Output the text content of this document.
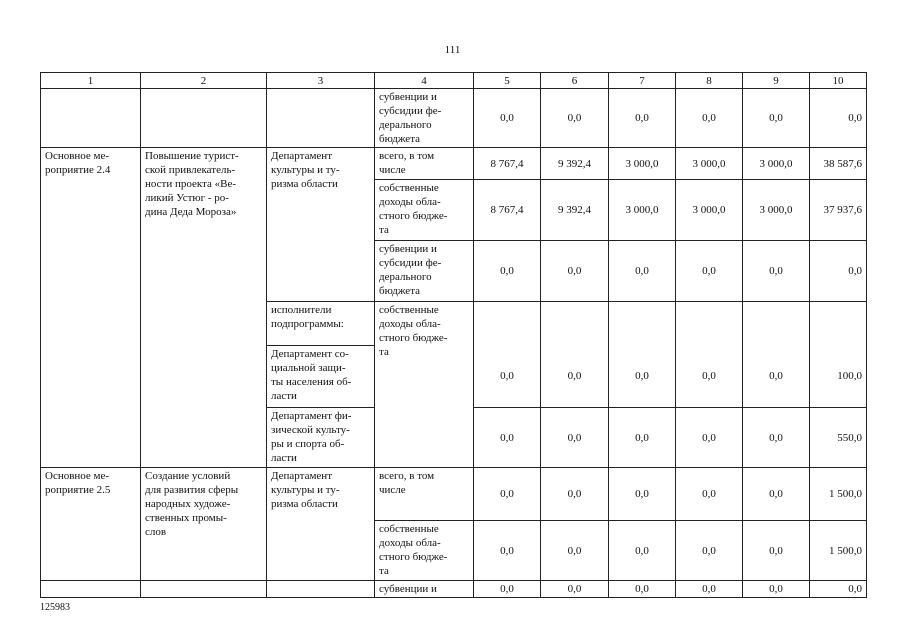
111
1	2	3	4	5	6	7	8	9	10
			субвенции и
субсидии фе-
дерального
бюджета	0,0	0,0	0,0	0,0	0,0	0,0
Основное ме-
роприятие 2.4	Повышение турист-
ской привлекатель-
ности проекта «Ве-
ликий Устюг - ро-
дина Деда Мороза»	Департамент
культуры и ту-
ризма области	всего, в том
числе	8 767,4	9 392,4	3 000,0	3 000,0	3 000,0	38 587,6
			собственные
доходы обла-
стного бюдже-
та	8 767,4	9 392,4	3 000,0	3 000,0	3 000,0	37 937,6
			субвенции и
субсидии фе-
дерального
бюджета	0,0	0,0	0,0	0,0	0,0	0,0
		исполнители
подпрограммы:	собственные
доходы обла-
стного бюдже-
та						
		Департамент со-
циальной защи-
ты населения об-
ласти		0,0	0,0	0,0	0,0	0,0	100,0
		Департамент фи-
зической культу-
ры и спорта об-
ласти		0,0	0,0	0,0	0,0	0,0	550,0
Основное ме-
роприятие 2.5	Создание условий
для развития сферы
народных художе-
ственных промы-
слов	Департамент
культуры и ту-
ризма области	всего, в том
числе	0,0	0,0	0,0	0,0	0,0	1 500,0
			собственные
доходы обла-
стного бюдже-
та	0,0	0,0	0,0	0,0	0,0	1 500,0
			субвенции и	0,0	0,0	0,0	0,0	0,0	0,0
125983
